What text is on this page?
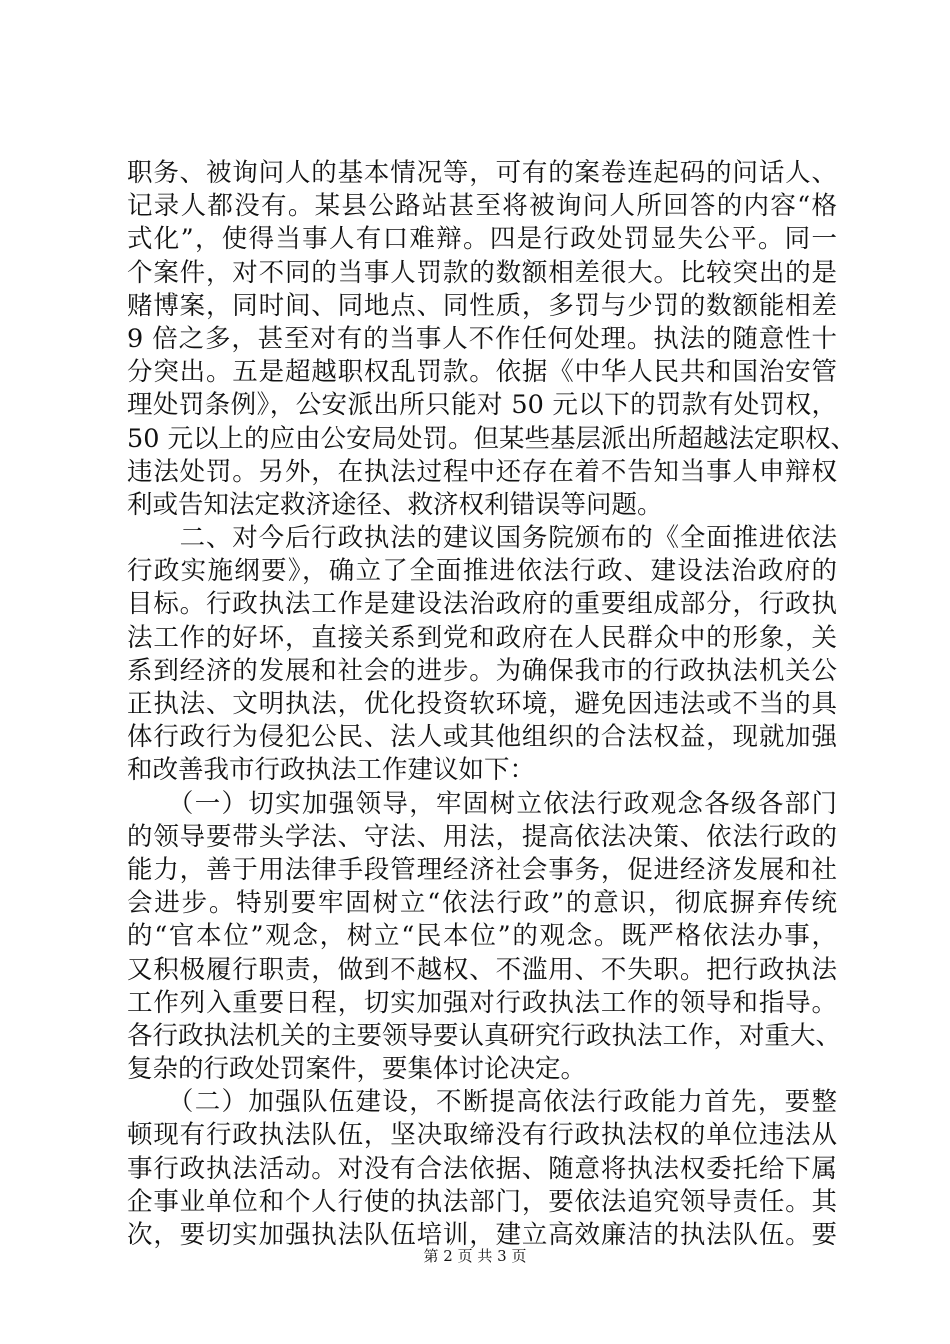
职务、被询问人的基本情况等，可有的案卷连起码的问话人、
记录人都没有。某县公路站甚至将被询问人所回答的内容“格
式化”，使得当事人有口难辩。四是行政处罚显失公平。同一
个案件，对不同的当事人罚款的数额相差很大。比较突出的是
赌博案，同时间、同地点、同性质，多罚与少罚的数额能相差
9 倍之多，甚至对有的当事人不作任何处理。执法的随意性十
分突出。五是超越职权乱罚款。依据《中华人民共和国治安管
理处罚条例》，公安派出所只能对 50 元以下的罚款有处罚权，
50 元以上的应由公安局处罚。但某些基层派出所超越法定职权、
违法处罚。另外，在执法过程中还存在着不告知当事人申辩权
利或告知法定救济途径、救济权利错误等问题。
　　二、对今后行政执法的建议国务院颁布的《全面推进依法
行政实施纲要》，确立了全面推进依法行政、建设法治政府的
目标。行政执法工作是建设法治政府的重要组成部分，行政执
法工作的好坏，直接关系到党和政府在人民群众中的形象，关
系到经济的发展和社会的进步。为确保我市的行政执法机关公
正执法、文明执法，优化投资软环境，避免因违法或不当的具
体行政行为侵犯公民、法人或其他组织的合法权益，现就加强
和改善我市行政执法工作建议如下：
　　（一）切实加强领导，牢固树立依法行政观念各级各部门
的领导要带头学法、守法、用法，提高依法决策、依法行政的
能力，善于用法律手段管理经济社会事务，促进经济发展和社
会进步。特别要牢固树立“依法行政”的意识，彻底摒弃传统
的“官本位”观念，树立“民本位”的观念。既严格依法办事，
又积极履行职责，做到不越权、不滥用、不失职。把行政执法
工作列入重要日程，切实加强对行政执法工作的领导和指导。
各行政执法机关的主要领导要认真研究行政执法工作，对重大、
复杂的行政处罚案件，要集体讨论决定。
　　（二）加强队伍建设，不断提高依法行政能力首先，要整
顿现有行政执法队伍，坚决取缔没有行政执法权的单位违法从
事行政执法活动。对没有合法依据、随意将执法权委托给下属
企事业单位和个人行使的执法部门，要依法追究领导责任。其
次，要切实加强执法队伍培训，建立高效廉洁的执法队伍。要
第 2 页 共 3 页
